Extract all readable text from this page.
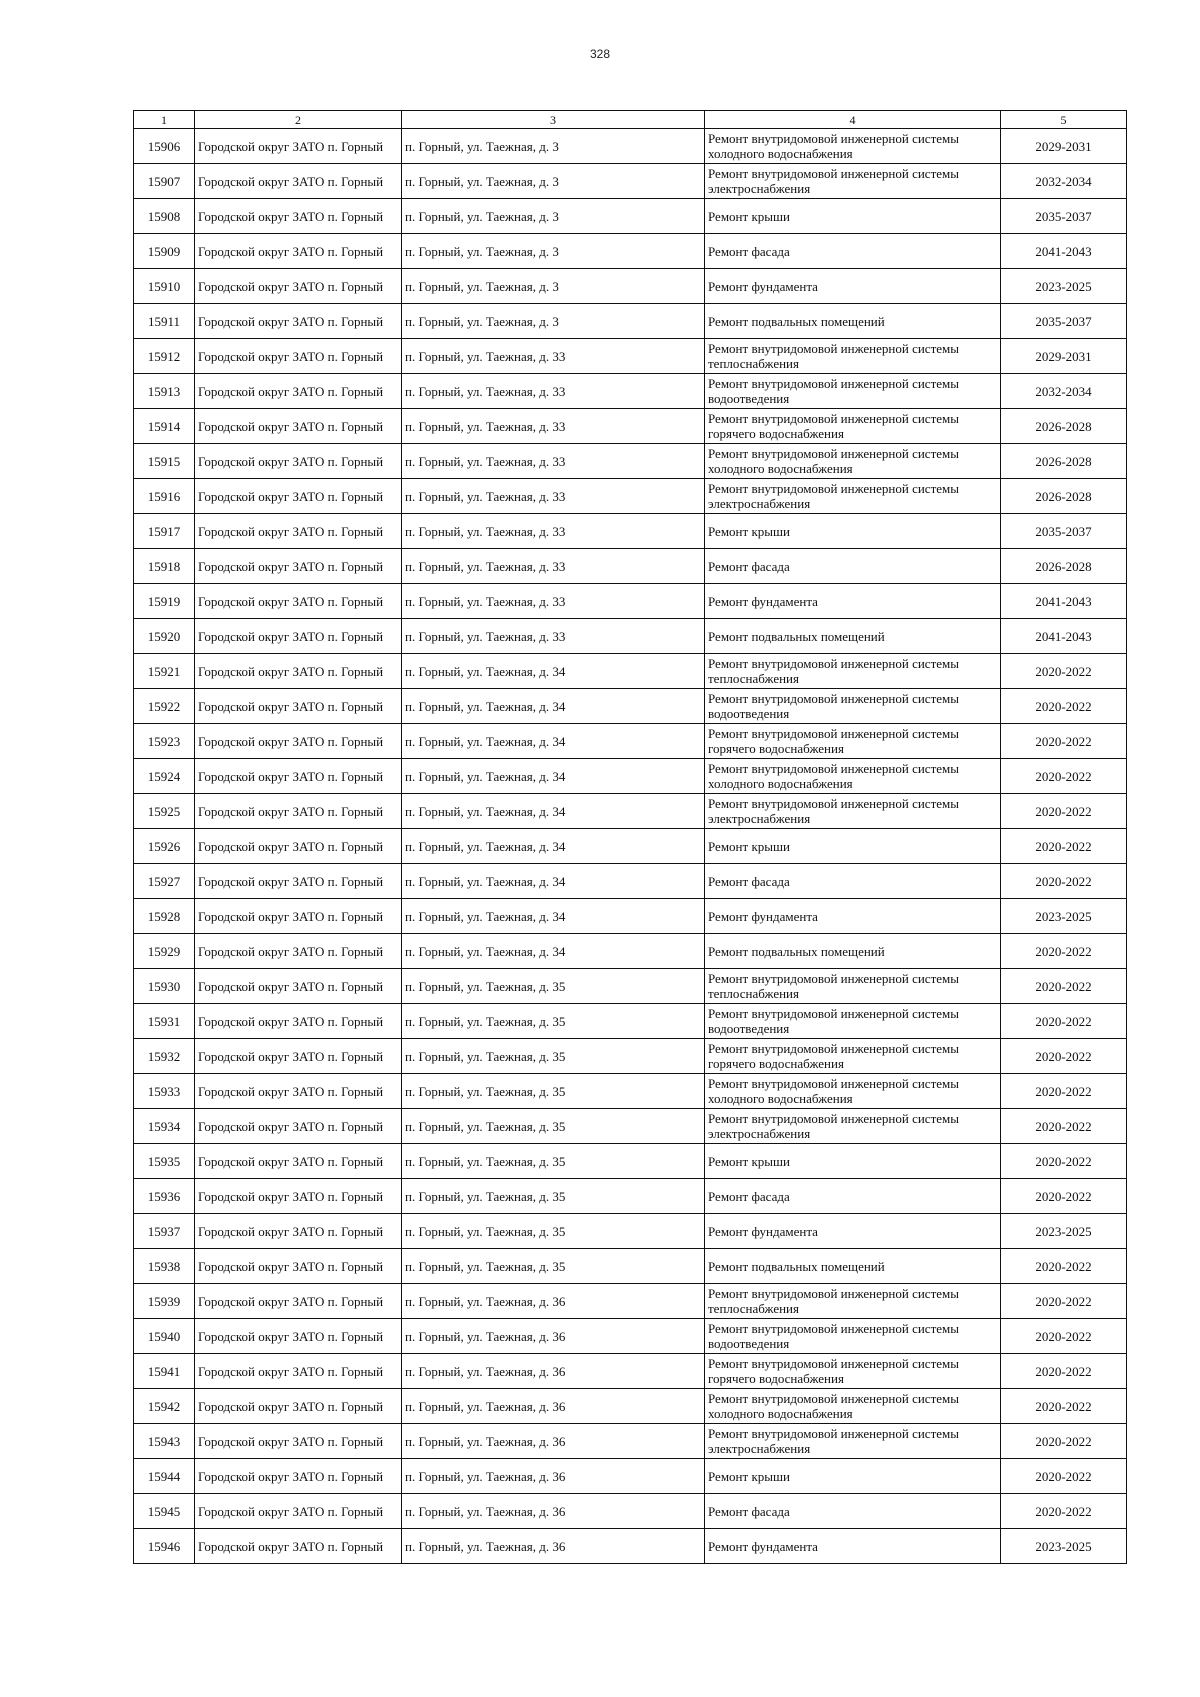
328
1	2	3	4	5
15906	Городской округ ЗАТО п. Горный	п. Горный, ул. Таежная, д. 3	Ремонт внутридомовой инженерной системы холодного водоснабжения	2029-2031
15907	Городской округ ЗАТО п. Горный	п. Горный, ул. Таежная, д. 3	Ремонт внутридомовой инженерной системы электроснабжения	2032-2034
15908	Городской округ ЗАТО п. Горный	п. Горный, ул. Таежная, д. 3	Ремонт крыши	2035-2037
15909	Городской округ ЗАТО п. Горный	п. Горный, ул. Таежная, д. 3	Ремонт фасада	2041-2043
15910	Городской округ ЗАТО п. Горный	п. Горный, ул. Таежная, д. 3	Ремонт фундамента	2023-2025
15911	Городской округ ЗАТО п. Горный	п. Горный, ул. Таежная, д. 3	Ремонт подвальных помещений	2035-2037
15912	Городской округ ЗАТО п. Горный	п. Горный, ул. Таежная, д. 33	Ремонт внутридомовой инженерной системы теплоснабжения	2029-2031
15913	Городской округ ЗАТО п. Горный	п. Горный, ул. Таежная, д. 33	Ремонт внутридомовой инженерной системы водоотведения	2032-2034
15914	Городской округ ЗАТО п. Горный	п. Горный, ул. Таежная, д. 33	Ремонт внутридомовой инженерной системы горячего водоснабжения	2026-2028
15915	Городской округ ЗАТО п. Горный	п. Горный, ул. Таежная, д. 33	Ремонт внутридомовой инженерной системы холодного водоснабжения	2026-2028
15916	Городской округ ЗАТО п. Горный	п. Горный, ул. Таежная, д. 33	Ремонт внутридомовой инженерной системы электроснабжения	2026-2028
15917	Городской округ ЗАТО п. Горный	п. Горный, ул. Таежная, д. 33	Ремонт крыши	2035-2037
15918	Городской округ ЗАТО п. Горный	п. Горный, ул. Таежная, д. 33	Ремонт фасада	2026-2028
15919	Городской округ ЗАТО п. Горный	п. Горный, ул. Таежная, д. 33	Ремонт фундамента	2041-2043
15920	Городской округ ЗАТО п. Горный	п. Горный, ул. Таежная, д. 33	Ремонт подвальных помещений	2041-2043
15921	Городской округ ЗАТО п. Горный	п. Горный, ул. Таежная, д. 34	Ремонт внутридомовой инженерной системы теплоснабжения	2020-2022
15922	Городской округ ЗАТО п. Горный	п. Горный, ул. Таежная, д. 34	Ремонт внутридомовой инженерной системы водоотведения	2020-2022
15923	Городской округ ЗАТО п. Горный	п. Горный, ул. Таежная, д. 34	Ремонт внутридомовой инженерной системы горячего водоснабжения	2020-2022
15924	Городской округ ЗАТО п. Горный	п. Горный, ул. Таежная, д. 34	Ремонт внутридомовой инженерной системы холодного водоснабжения	2020-2022
15925	Городской округ ЗАТО п. Горный	п. Горный, ул. Таежная, д. 34	Ремонт внутридомовой инженерной системы электроснабжения	2020-2022
15926	Городской округ ЗАТО п. Горный	п. Горный, ул. Таежная, д. 34	Ремонт крыши	2020-2022
15927	Городской округ ЗАТО п. Горный	п. Горный, ул. Таежная, д. 34	Ремонт фасада	2020-2022
15928	Городской округ ЗАТО п. Горный	п. Горный, ул. Таежная, д. 34	Ремонт фундамента	2023-2025
15929	Городской округ ЗАТО п. Горный	п. Горный, ул. Таежная, д. 34	Ремонт подвальных помещений	2020-2022
15930	Городской округ ЗАТО п. Горный	п. Горный, ул. Таежная, д. 35	Ремонт внутридомовой инженерной системы теплоснабжения	2020-2022
15931	Городской округ ЗАТО п. Горный	п. Горный, ул. Таежная, д. 35	Ремонт внутридомовой инженерной системы водоотведения	2020-2022
15932	Городской округ ЗАТО п. Горный	п. Горный, ул. Таежная, д. 35	Ремонт внутридомовой инженерной системы горячего водоснабжения	2020-2022
15933	Городской округ ЗАТО п. Горный	п. Горный, ул. Таежная, д. 35	Ремонт внутридомовой инженерной системы холодного водоснабжения	2020-2022
15934	Городской округ ЗАТО п. Горный	п. Горный, ул. Таежная, д. 35	Ремонт внутридомовой инженерной системы электроснабжения	2020-2022
15935	Городской округ ЗАТО п. Горный	п. Горный, ул. Таежная, д. 35	Ремонт крыши	2020-2022
15936	Городской округ ЗАТО п. Горный	п. Горный, ул. Таежная, д. 35	Ремонт фасада	2020-2022
15937	Городской округ ЗАТО п. Горный	п. Горный, ул. Таежная, д. 35	Ремонт фундамента	2023-2025
15938	Городской округ ЗАТО п. Горный	п. Горный, ул. Таежная, д. 35	Ремонт подвальных помещений	2020-2022
15939	Городской округ ЗАТО п. Горный	п. Горный, ул. Таежная, д. 36	Ремонт внутридомовой инженерной системы теплоснабжения	2020-2022
15940	Городской округ ЗАТО п. Горный	п. Горный, ул. Таежная, д. 36	Ремонт внутридомовой инженерной системы водоотведения	2020-2022
15941	Городской округ ЗАТО п. Горный	п. Горный, ул. Таежная, д. 36	Ремонт внутридомовой инженерной системы горячего водоснабжения	2020-2022
15942	Городской округ ЗАТО п. Горный	п. Горный, ул. Таежная, д. 36	Ремонт внутридомовой инженерной системы холодного водоснабжения	2020-2022
15943	Городской округ ЗАТО п. Горный	п. Горный, ул. Таежная, д. 36	Ремонт внутридомовой инженерной системы электроснабжения	2020-2022
15944	Городской округ ЗАТО п. Горный	п. Горный, ул. Таежная, д. 36	Ремонт крыши	2020-2022
15945	Городской округ ЗАТО п. Горный	п. Горный, ул. Таежная, д. 36	Ремонт фасада	2020-2022
15946	Городской округ ЗАТО п. Горный	п. Горный, ул. Таежная, д. 36	Ремонт фундамента	2023-2025
